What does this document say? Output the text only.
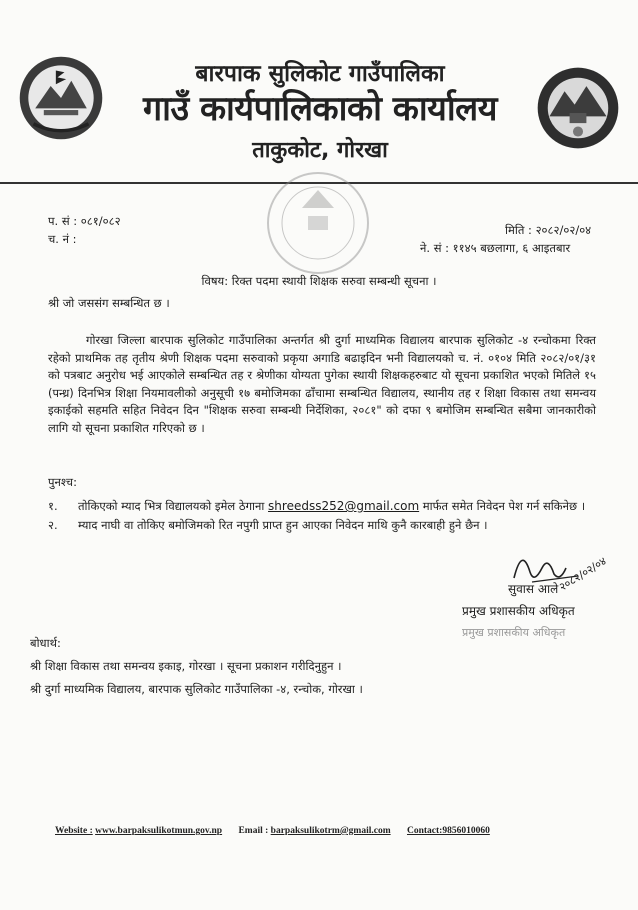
बारपाक सुलिकोट गाउँपालिका
गाउँ कार्यपालिकाको कार्यालय
ताकुकोट, गोरखा
प. सं : ०८१/०८२
च. नं :
मिति : २०८२/०२/०४
ने. सं : ११४५ बछलागा, ६ आइतबार
विषय: रिक्त पदमा स्थायी शिक्षक सरुवा सम्बन्धी सूचना ।
श्री जो जससंग सम्बन्धित छ ।

गोरखा जिल्ला बारपाक सुलिकोट गाउँपालिका अन्तर्गत श्री दुर्गा माध्यमिक विद्यालय बारपाक सुलिकोट -४ रन्चोकमा रिक्त रहेको प्राथमिक तह तृतीय श्रेणी शिक्षक पदमा सरुवाको प्रकृया अगाडि बढाइदिन भनी विद्यालयको च. नं. ०१०४ मिति २०८२/०१/३१ को पत्रबाट अनुरोध भई आएकोले सम्बन्धित तह र श्रेणीका योग्यता पुगेका स्थायी शिक्षकहरुबाट यो सूचना प्रकाशित भएको मितिले १५ (पन्ध्र) दिनभित्र शिक्षा नियमावलीको अनुसूची १७ बमोजिमका ढाँचामा सम्बन्धित विद्यालय, स्थानीय तह र शिक्षा विकास तथा समन्वय इकाईको सहमति सहित निवेदन दिन "शिक्षक सरुवा सम्बन्धी निर्देशिका, २०८१" को दफा ९ बमोजिम सम्बन्धित सबैमा जानकारीको लागि यो सूचना प्रकाशित गरिएको छ ।

पुनश्च:
१. तोकिएको म्याद भित्र विद्यालयको इमेल ठेगाना shreedss252@gmail.com मार्फत समेत निवेदन पेश गर्न सकिनेछ ।
२. म्याद नाघी वा तोकिए बमोजिमको रित नपुगी प्राप्त हुन आएका निवेदन माथि कुनै कारबाही हुने छैन ।
२०८२/०२/०४
सुवास आले
प्रमुख प्रशासकीय अधिकृत
प्रमुख प्रशासकीय अधिकृत
बोधार्थ:
श्री शिक्षा विकास तथा समन्वय इकाइ, गोरखा । सूचना प्रकाशन गरीदिनुहुन ।
श्री दुर्गा माध्यमिक विद्यालय, बारपाक सुलिकोट गाउँपालिका -४, रन्चोक, गोरखा ।
Website : www.barpaksulikotmun.gov.np Email : barpaksulikotrm@gmail.com Contact:9856010060
